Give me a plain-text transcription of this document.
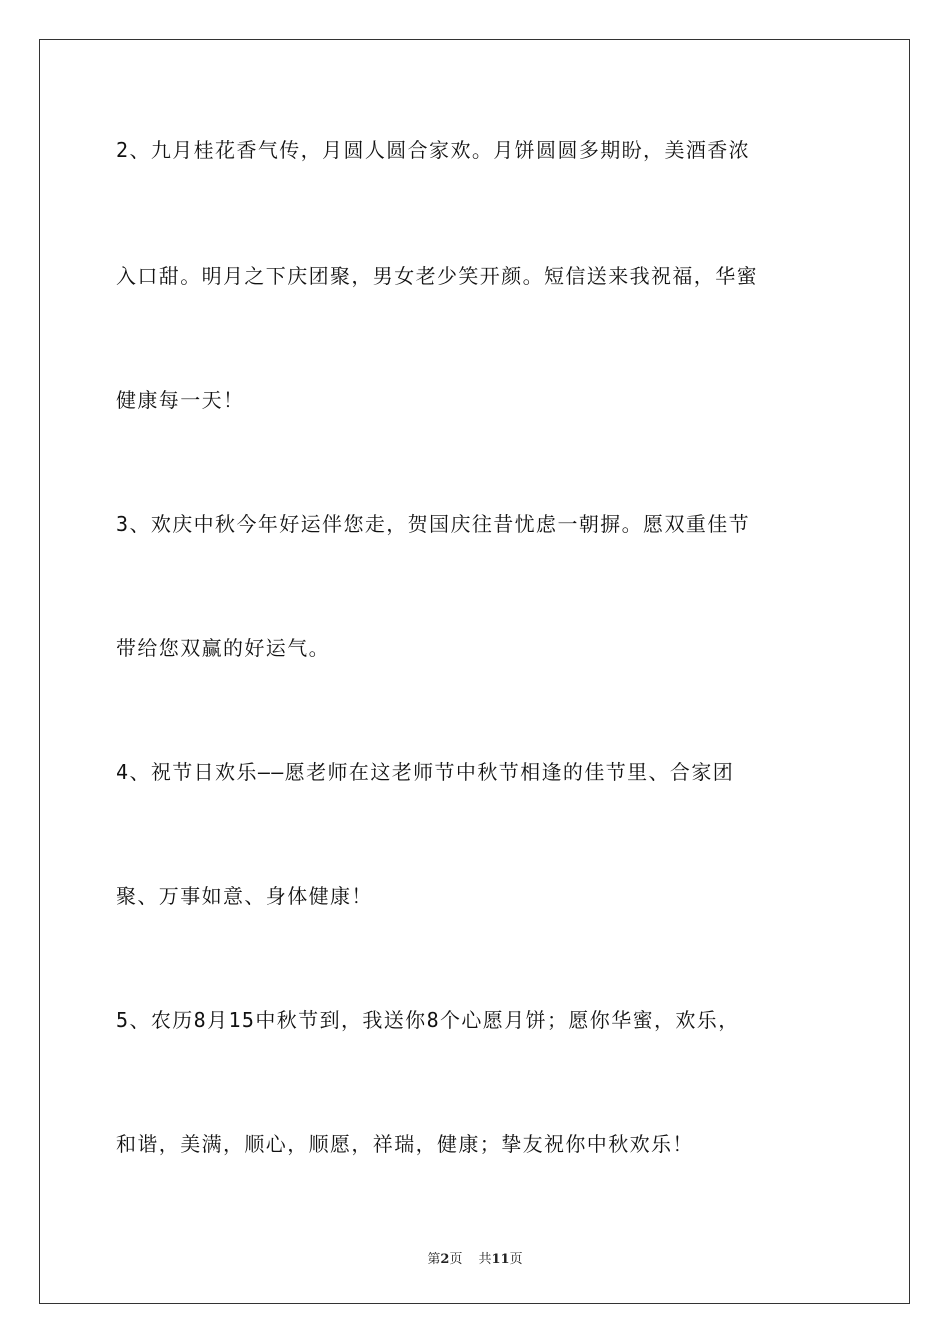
2、九月桂花香气传，月圆人圆合家欢。月饼圆圆多期盼，美酒香浓
入口甜。明月之下庆团聚，男女老少笑开颜。短信送来我祝福，华蜜
健康每一天！
3、欢庆中秋今年好运伴您走，贺国庆往昔忧虑一朝摒。愿双重佳节
带给您双赢的好运气。
4、祝节日欢乐——愿老师在这老师节中秋节相逢的佳节里、合家团
聚、万事如意、身体健康！
5、农历8月15中秋节到，我送你8个心愿月饼；愿你华蜜，欢乐，
和谐，美满，顺心，顺愿，祥瑞，健康；挚友祝你中秋欢乐！
第2页 共11页
